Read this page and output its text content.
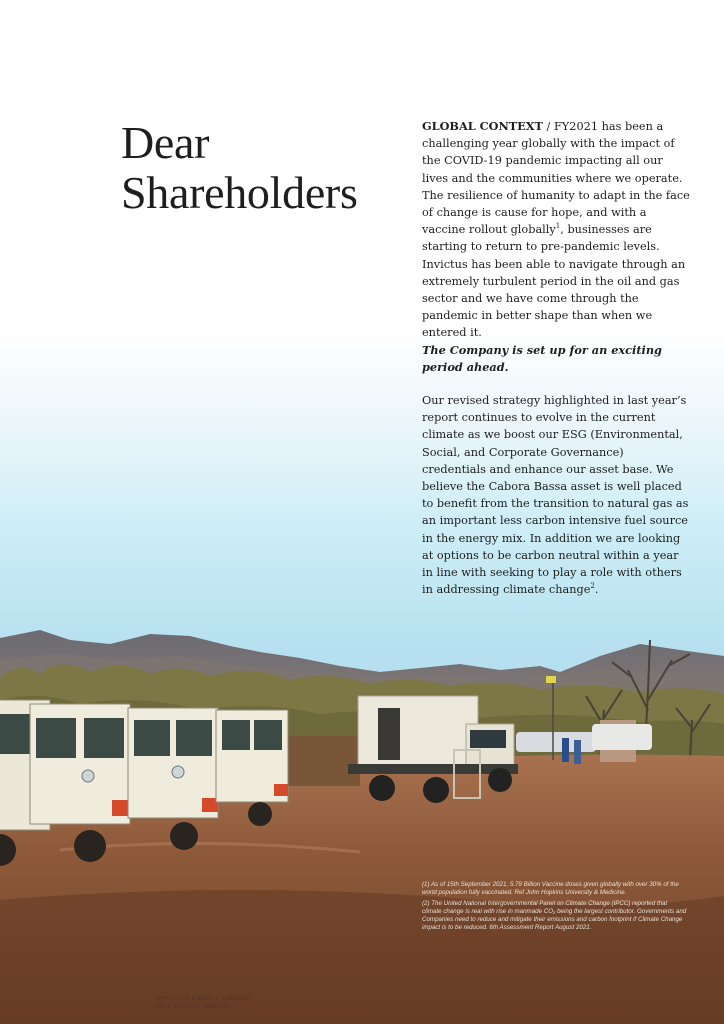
Dear
Shareholders

GLOBAL CONTEXT / FY2021 has been a challenging year globally with the impact of the COVID-19 pandemic impacting all our lives and the communities where we operate. The resilience of humanity to adapt in the face of change is cause for hope, and with a vaccine rollout globally$^1$, businesses are starting to return to pre-pandemic levels. Invictus has been able to navigate through an extremely turbulent period in the oil and gas sector and we have come through the pandemic in better shape than when we entered it.
The Company is set up for an exciting period ahead.

Our revised strategy highlighted in last year’s report continues to evolve in the current climate as we boost our ESG (Environmental, Social, and Corporate Governance) credentials and enhance our asset base. We believe the Cabora Bassa asset is well placed to benefit from the transition to natural gas as an important less carbon intensive fuel source in the energy mix. In addition we are looking at options to be carbon neutral within a year in line with seeking to play a role with others in addressing climate change$^2$.

(1) As of 15th September 2021, 5.79 Billion Vaccine doses given globally with over 30% of the world population fully vaccinated. Ref John Hopkins University & Medicine.

(2) The United National Intergovernmental Panel on Climate Change (IPCC) reported that climate change is real with rise in manmade CO₂ being the largest contributor. Governments and Companies need to reduce and mitigate their emissions and carbon footprint if Climate Change impact is to be reduced. 6th Assessment Report August 2021.

INVICTUS ENERGY LIMITED
2021 ANNUAL REPORT
